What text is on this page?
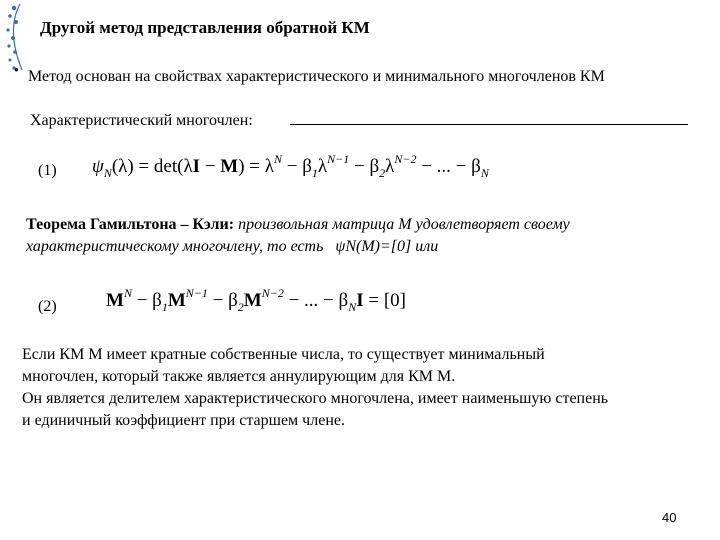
Другой метод представления обратной КМ
● Метод основан на свойствах характеристического и минимального многочленов КМ
Характеристический многочлен:
(1) $\psi_N(\lambda) = \det(\lambda I - M) = \lambda^N - \beta_1\lambda^{N-1} - \beta_2\lambda^{N-2}$ − ... − $\beta_N$
Теорема Гамильтона – Кэли: произвольная матрица M удовлетворяет своему
характеристическому многочлену, то есть ψN(M)=[0] или
(2)	$M^N - \beta_1M^{N-1} - \beta_2M^{N-2}$ − ... − $\beta_NI = [0]$
Если КМ M имеет кратные собственные числа, то существует минимальный
многочлен, который также является аннулирующим для КМ M.
Он является делителем характеристического многочлена, имеет наименьшую степень
и единичный коэффициент при старшем члене.
40
